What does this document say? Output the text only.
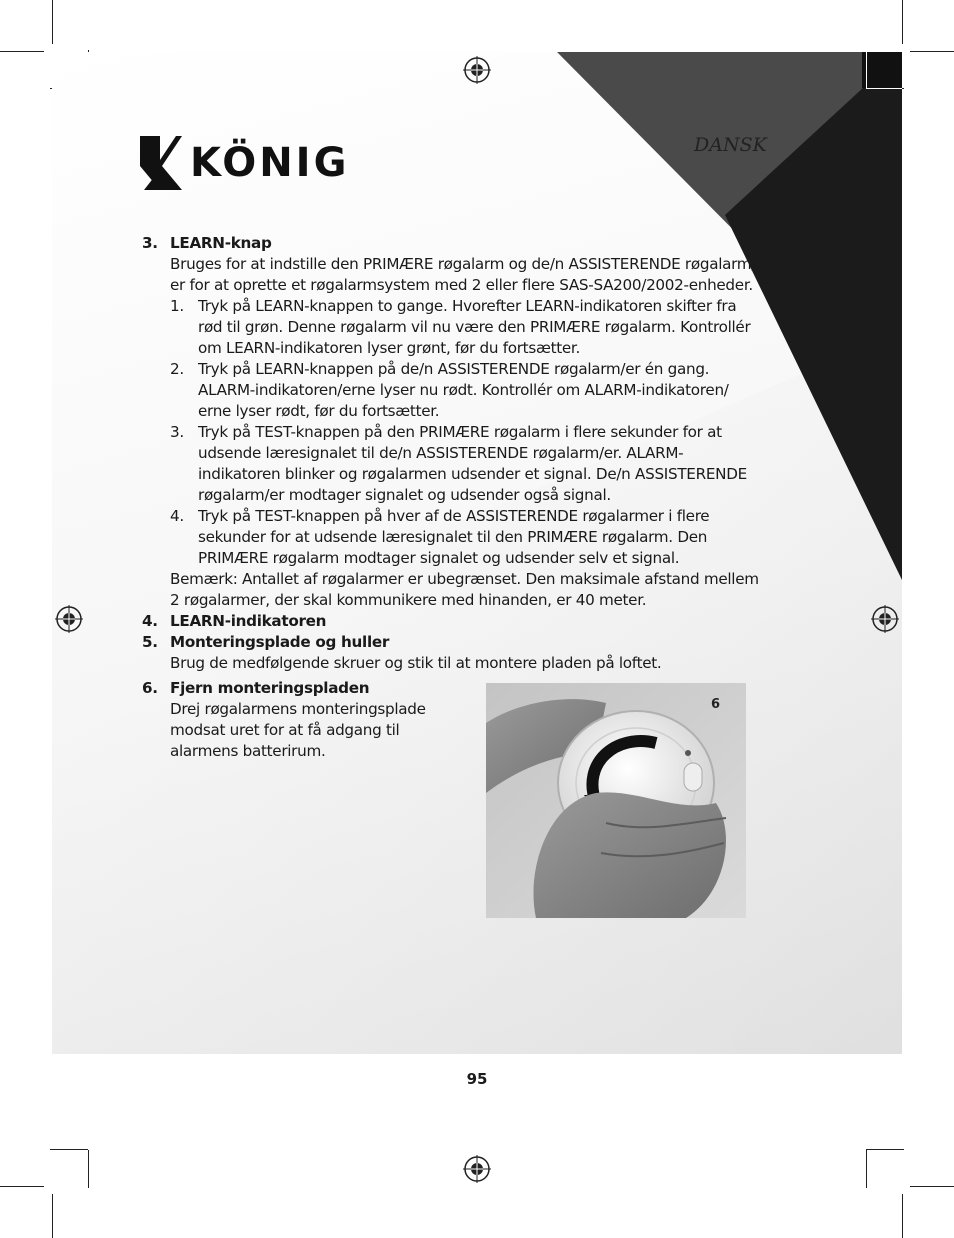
KÖNIG	DANSK
3. LEARN-knap
Bruges for at indstille den PRIMÆRE røgalarm og de/n ASSISTERENDE røgalarm/ er for at oprette et røgalarmsystem med 2 eller flere SAS-SA200/2002-enheder.
1. Tryk på LEARN-knappen to gange. Hvorefter LEARN-indikatoren skifter fra rød til grøn. Denne røgalarm vil nu være den PRIMÆRE røgalarm. Kontrollér om LEARN-indikatoren lyser grønt, før du fortsætter.
2. Tryk på LEARN-knappen på de/n ASSISTERENDE røgalarm/er én gang. ALARM-indikatoren/erne lyser nu rødt. Kontrollér om ALARM-indikatoren/ erne lyser rødt, før du fortsætter.
3. Tryk på TEST-knappen på den PRIMÆRE røgalarm i flere sekunder for at udsende læresignalet til de/n ASSISTERENDE røgalarm/er. ALARM-indikatoren blinker og røgalarmen udsender et signal. De/n ASSISTERENDE røgalarm/er modtager signalet og udsender også signal.
4. Tryk på TEST-knappen på hver af de ASSISTERENDE røgalarmer i flere sekunder for at udsende læresignalet til den PRIMÆRE røgalarm. Den PRIMÆRE røgalarm modtager signalet og udsender selv et signal.
Bemærk: Antallet af røgalarmer er ubegrænset. Den maksimale afstand mellem 2 røgalarmer, der skal kommunikere med hinanden, er 40 meter.
4. LEARN-indikatoren
5. Monteringsplade og huller
Brug de medfølgende skruer og stik til at montere pladen på loftet.
6. Fjern monteringspladen
Drej røgalarmens monteringsplade modsat uret for at få adgang til alarmens batterirum.
6
95
